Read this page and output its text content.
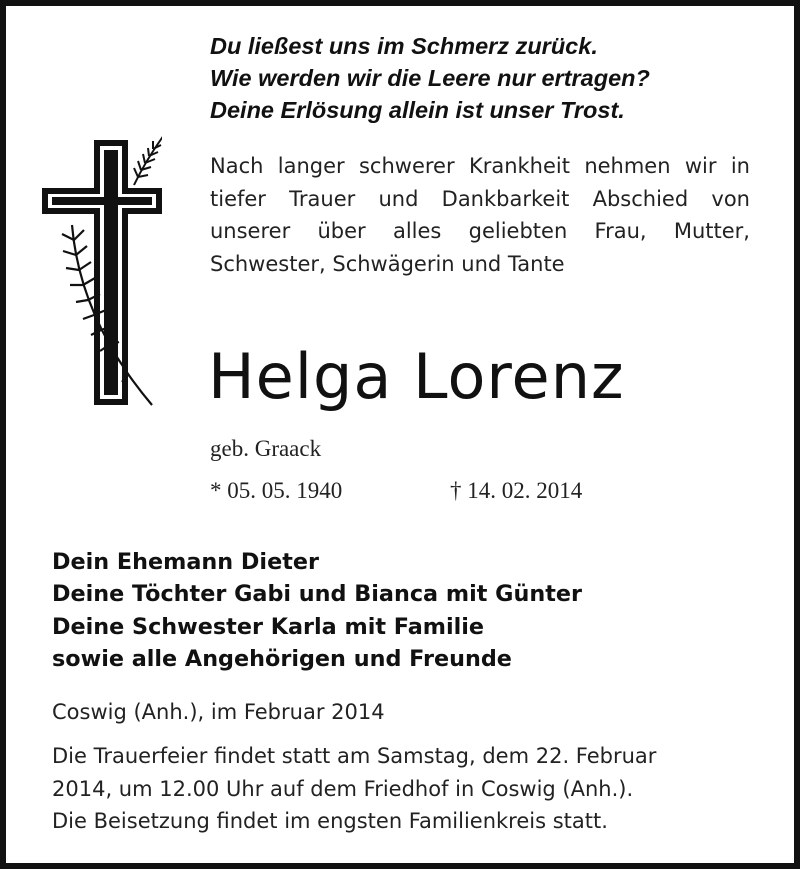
Du ließest uns im Schmerz zurück.
Wie werden wir die Leere nur ertragen?
Deine Erlösung allein ist unser Trost.
Nach langer schwerer Krankheit nehmen wir in tiefer Trauer und Dankbarkeit Abschied von unserer über alles geliebten Frau, Mutter, Schwester, Schwägerin und Tante
Helga Lorenz
geb. Graack
* 05. 05. 1940	† 14. 02. 2014
Dein Ehemann Dieter
Deine Töchter Gabi und Bianca mit Günter
Deine Schwester Karla mit Familie
sowie alle Angehörigen und Freunde
Coswig (Anh.), im Februar 2014
Die Trauerfeier findet statt am Samstag, dem 22. Februar
2014, um 12.00 Uhr auf dem Friedhof in Coswig (Anh.).
Die Beisetzung findet im engsten Familienkreis statt.
